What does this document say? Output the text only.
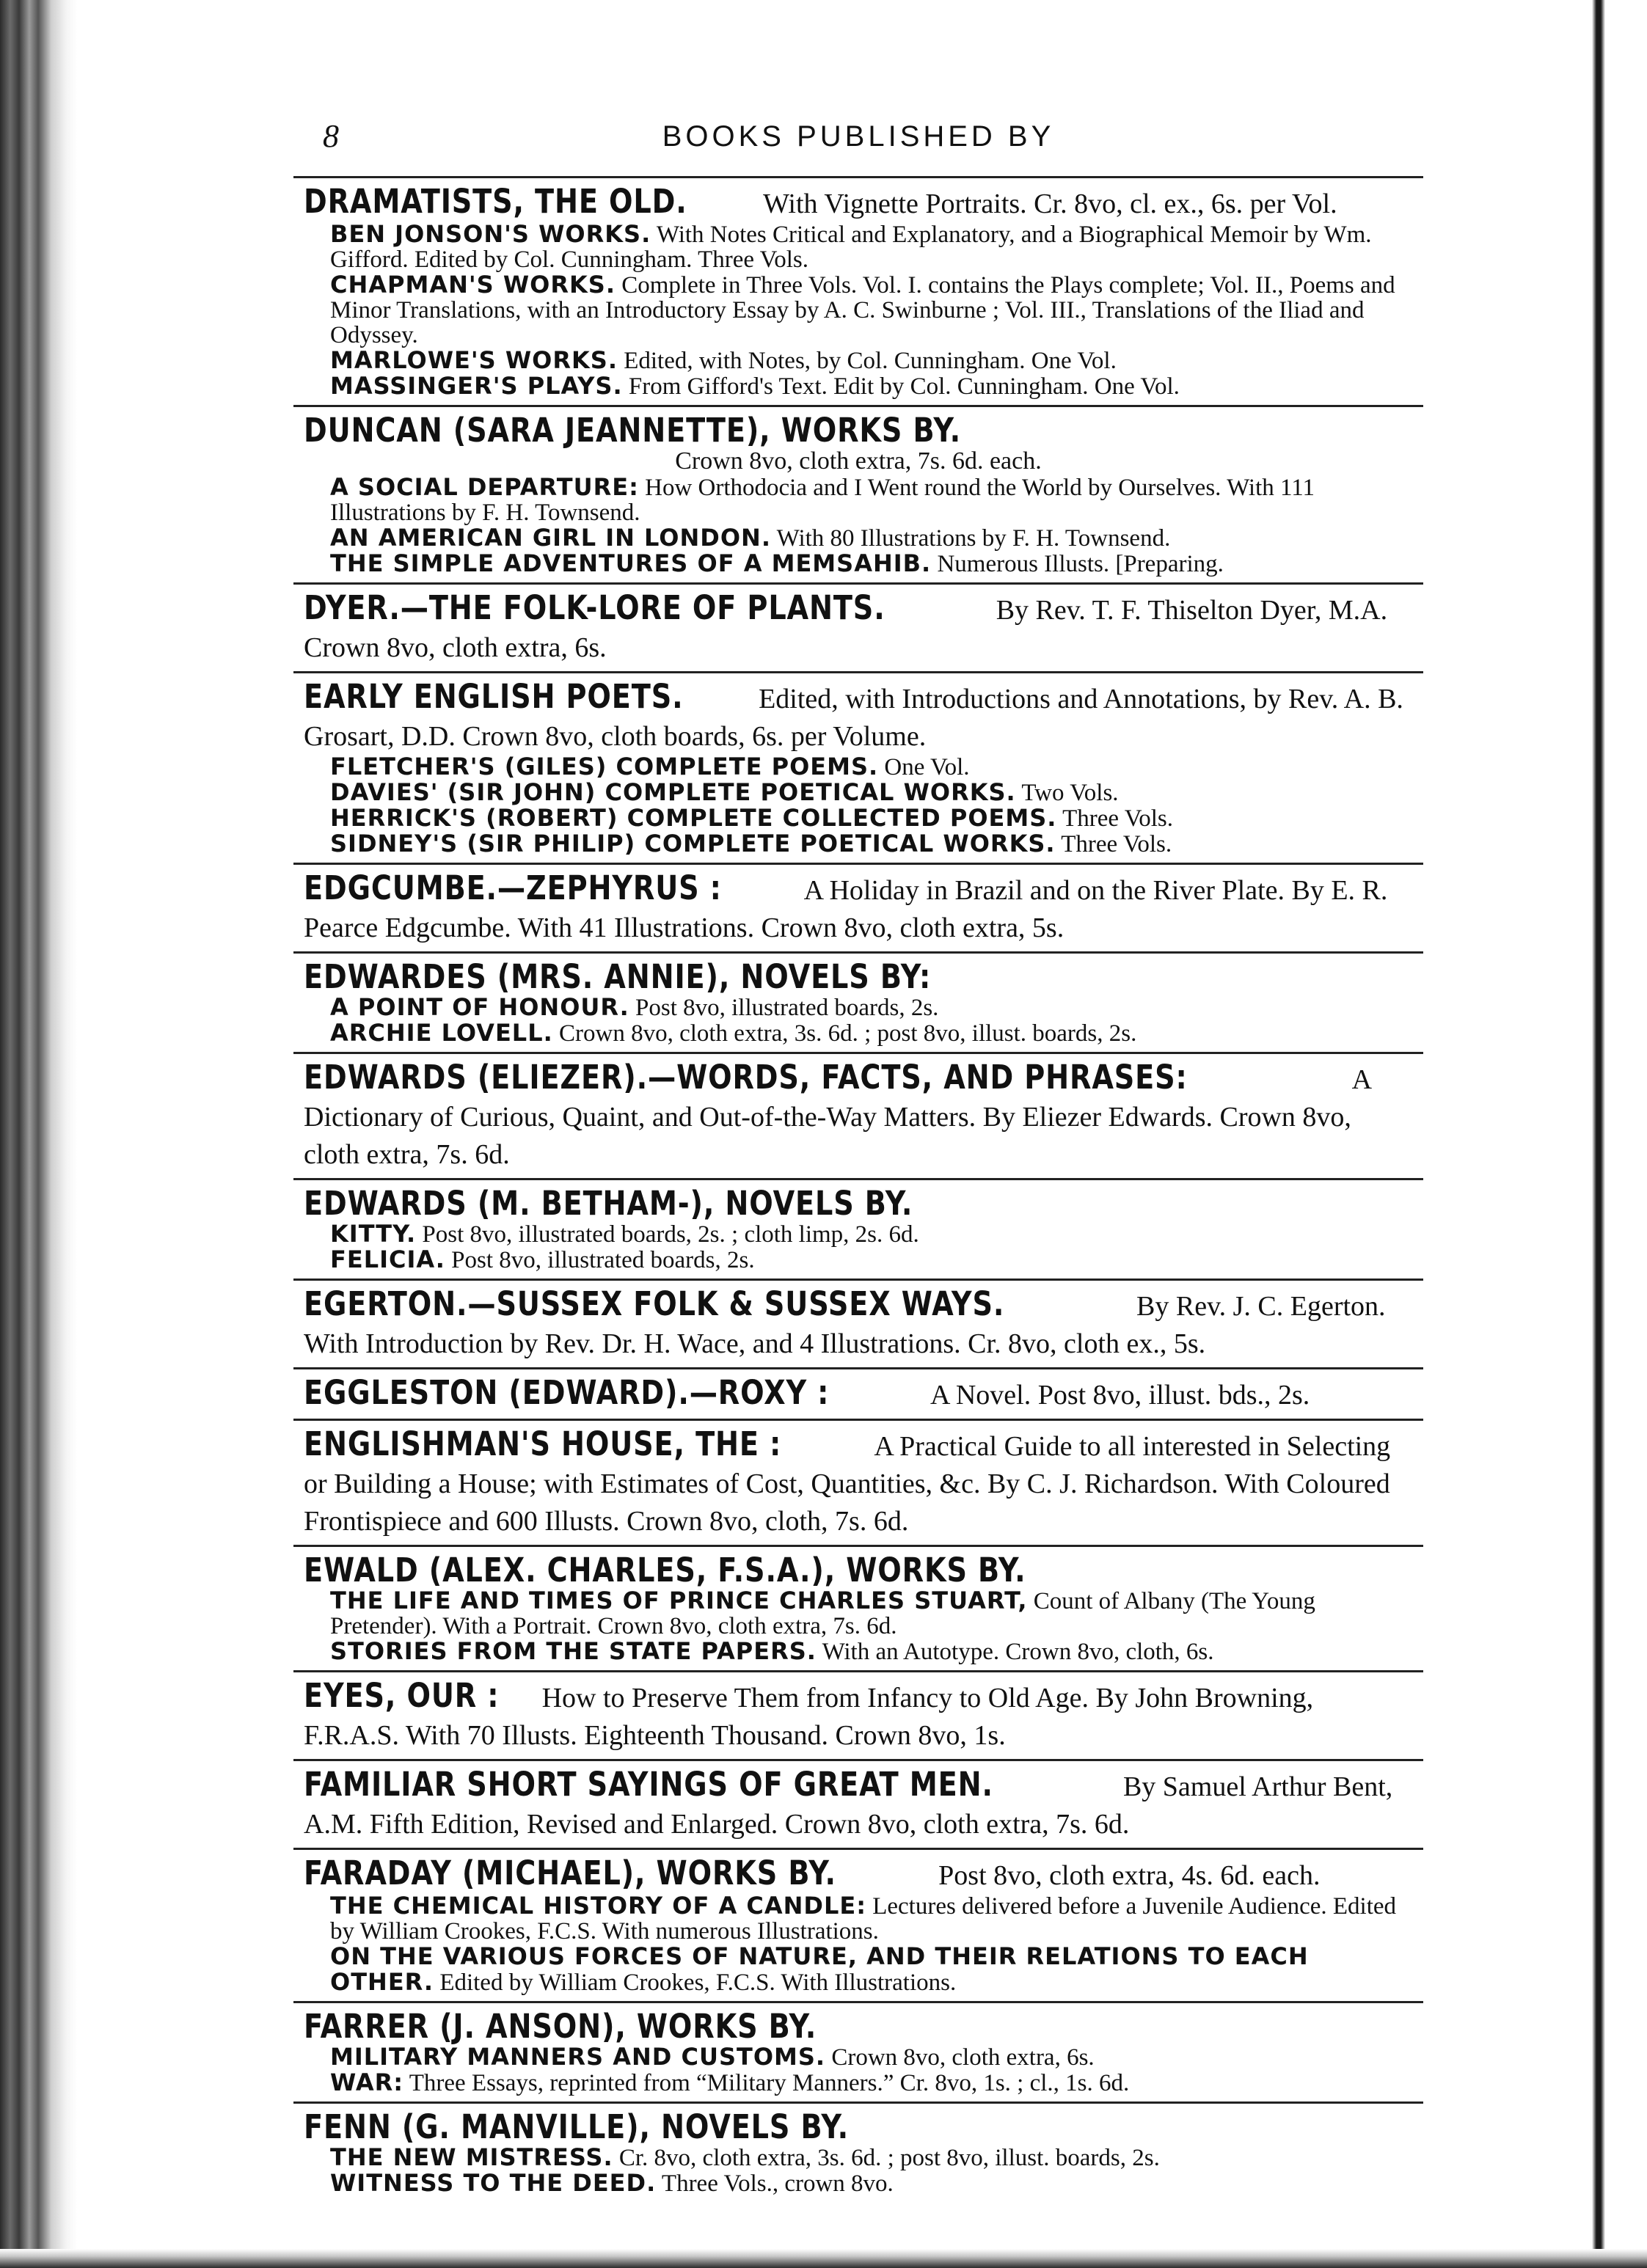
8	BOOKS PUBLISHED BY

DRAMATISTS, THE OLD.	With Vignette Portraits. Cr. 8vo, cl. ex., 6s. per Vol.

BEN JONSON'S WORKS. With Notes Critical and Explanatory, and a Biographical Memoir by Wm. Gifford. Edited by Col. Cunningham. Three Vols.

CHAPMAN'S WORKS. Complete in Three Vols. Vol. I. contains the Plays complete; Vol. II., Poems and Minor Translations, with an Introductory Essay by A. C. Swinburne ; Vol. III., Translations of the Iliad and Odyssey.

MARLOWE'S WORKS. Edited, with Notes, by Col. Cunningham. One Vol.

MASSINGER'S PLAYS. From Gifford's Text. Edit by Col. Cunningham. One Vol.

DUNCAN (SARA JEANNETTE), WORKS BY.

Crown 8vo, cloth extra, 7s. 6d. each.

A SOCIAL DEPARTURE: How Orthodocia and I Went round the World by Ourselves. With 111 Illustrations by F. H. Townsend.

AN AMERICAN GIRL IN LONDON. With 80 Illustrations by F. H. Townsend.

THE SIMPLE ADVENTURES OF A MEMSAHIB. Numerous Illusts. [Preparing.

DYER.—THE FOLK-LORE OF PLANTS.	By Rev. T. F. Thiselton Dyer, M.A. Crown 8vo, cloth extra, 6s.

EARLY ENGLISH POETS.	Edited, with Introductions and Annotations, by Rev. A. B. Grosart, D.D. Crown 8vo, cloth boards, 6s. per Volume.

FLETCHER'S (GILES) COMPLETE POEMS. One Vol.

DAVIES' (SIR JOHN) COMPLETE POETICAL WORKS. Two Vols.

HERRICK'S (ROBERT) COMPLETE COLLECTED POEMS. Three Vols.

SIDNEY'S (SIR PHILIP) COMPLETE POETICAL WORKS. Three Vols.

EDGCUMBE.—ZEPHYRUS :	A Holiday in Brazil and on the River Plate. By E. R. Pearce Edgcumbe. With 41 Illustrations. Crown 8vo, cloth extra, 5s.

EDWARDES (MRS. ANNIE), NOVELS BY:

A POINT OF HONOUR. Post 8vo, illustrated boards, 2s.

ARCHIE LOVELL. Crown 8vo, cloth extra, 3s. 6d. ; post 8vo, illust. boards, 2s.

EDWARDS (ELIEZER).—WORDS, FACTS, AND PHRASES:	A Dictionary of Curious, Quaint, and Out-of-the-Way Matters. By Eliezer Edwards. Crown 8vo, cloth extra, 7s. 6d.

EDWARDS (M. BETHAM-), NOVELS BY.

KITTY. Post 8vo, illustrated boards, 2s. ; cloth limp, 2s. 6d.

FELICIA. Post 8vo, illustrated boards, 2s.

EGERTON.—SUSSEX FOLK & SUSSEX WAYS.	By Rev. J. C. Egerton. With Introduction by Rev. Dr. H. Wace, and 4 Illustrations. Cr. 8vo, cloth ex., 5s.

EGGLESTON (EDWARD).—ROXY :	A Novel. Post 8vo, illust. bds., 2s.

ENGLISHMAN'S HOUSE, THE :	A Practical Guide to all interested in Selecting or Building a House; with Estimates of Cost, Quantities, &c. By C. J. Richardson. With Coloured Frontispiece and 600 Illusts. Crown 8vo, cloth, 7s. 6d.

EWALD (ALEX. CHARLES, F.S.A.), WORKS BY.

THE LIFE AND TIMES OF PRINCE CHARLES STUART, Count of Albany (The Young Pretender). With a Portrait. Crown 8vo, cloth extra, 7s. 6d.

STORIES FROM THE STATE PAPERS. With an Autotype. Crown 8vo, cloth, 6s.

EYES, OUR : How to Preserve Them from Infancy to Old Age. By John Browning, F.R.A.S. With 70 Illusts. Eighteenth Thousand. Crown 8vo, 1s.

FAMILIAR SHORT SAYINGS OF GREAT MEN.	By Samuel Arthur Bent, A.M. Fifth Edition, Revised and Enlarged. Crown 8vo, cloth extra, 7s. 6d.

FARADAY (MICHAEL), WORKS BY.	Post 8vo, cloth extra, 4s. 6d. each.

THE CHEMICAL HISTORY OF A CANDLE: Lectures delivered before a Juvenile Audience. Edited by William Crookes, F.C.S. With numerous Illustrations.

ON THE VARIOUS FORCES OF NATURE, AND THEIR RELATIONS TO EACH OTHER. Edited by William Crookes, F.C.S. With Illustrations.

FARRER (J. ANSON), WORKS BY.

MILITARY MANNERS AND CUSTOMS. Crown 8vo, cloth extra, 6s.

WAR: Three Essays, reprinted from “Military Manners.” Cr. 8vo, 1s. ; cl., 1s. 6d.

FENN (G. MANVILLE), NOVELS BY.

THE NEW MISTRESS. Cr. 8vo, cloth extra, 3s. 6d. ; post 8vo, illust. boards, 2s.

WITNESS TO THE DEED. Three Vols., crown 8vo.
